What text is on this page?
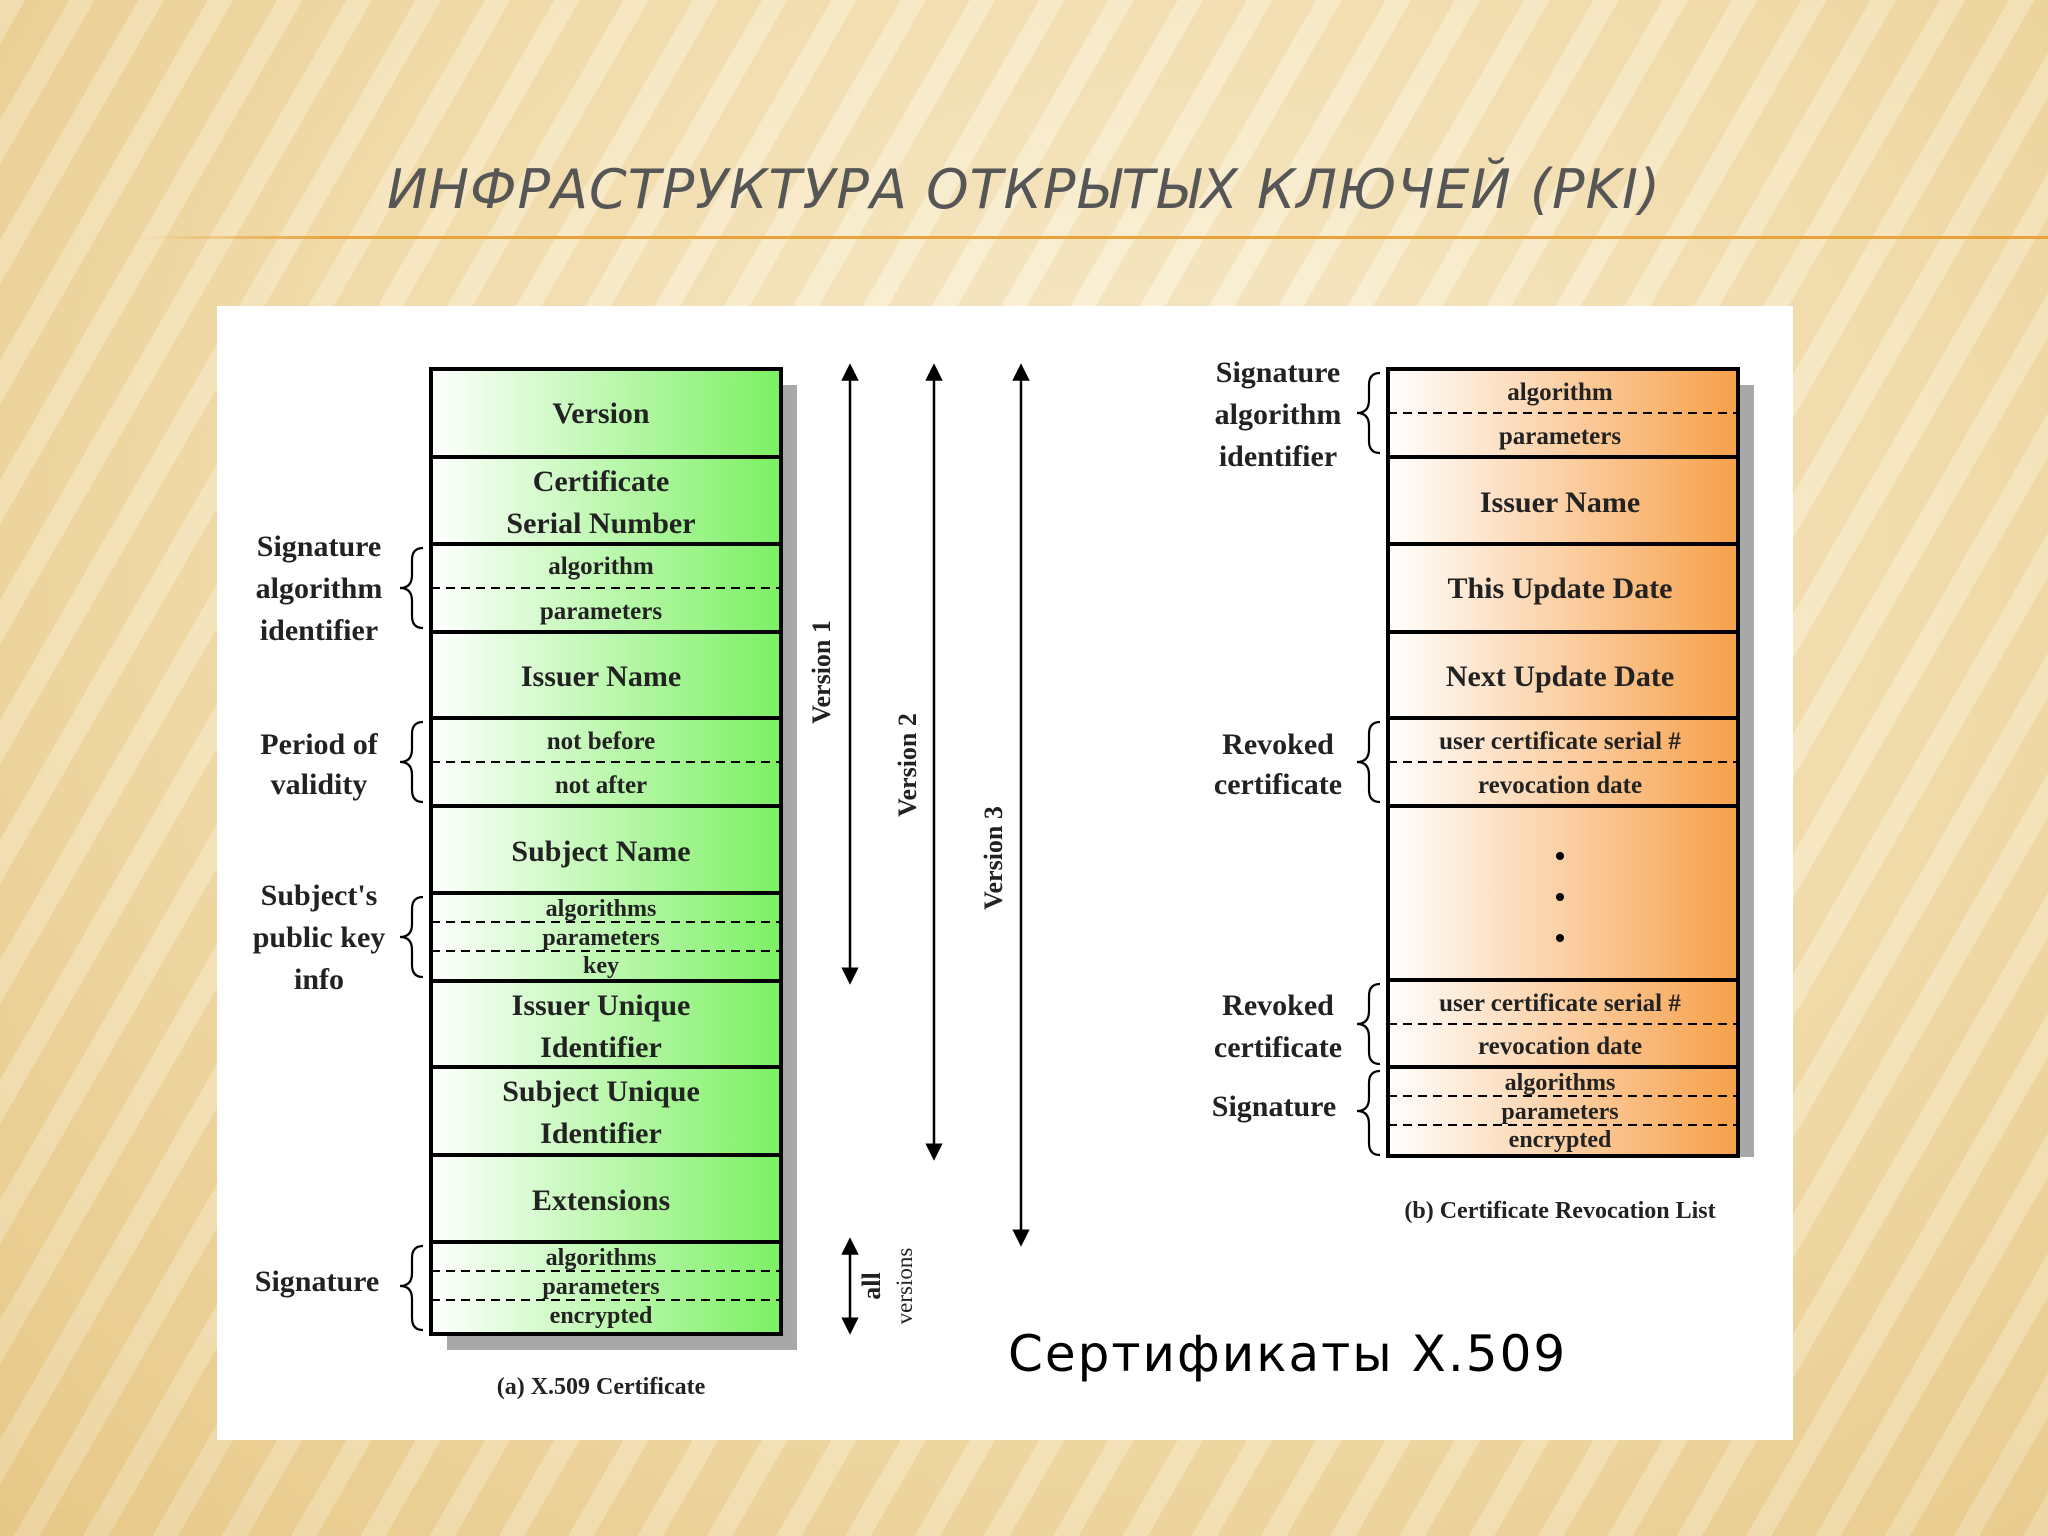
ИНФРАСТРУКТУРА ОТКРЫТЫХ КЛЮЧЕЙ (PKI)
Version
Certificate
Serial Number
algorithm
parameters
Issuer Name
not before
not after
Subject Name
algorithms
parameters
key
Issuer Unique
Identifier
Subject Unique
Identifier
Extensions
algorithms
parameters
encrypted
Signature
algorithm
identifier
Period of
validity
Subject's
public key
info
Signature
Version 1
Version 2
Version 3
all versions
(a) X.509 Certificate
algorithm
parameters
Issuer Name
This Update Date
Next Update Date
user certificate serial #
revocation date
user certificate serial #
revocation date
algorithms
parameters
encrypted
Signature
algorithm
identifier
Revoked
certificate
Revoked
certificate
Signature
(b) Certificate Revocation List
Сертификаты X.509
